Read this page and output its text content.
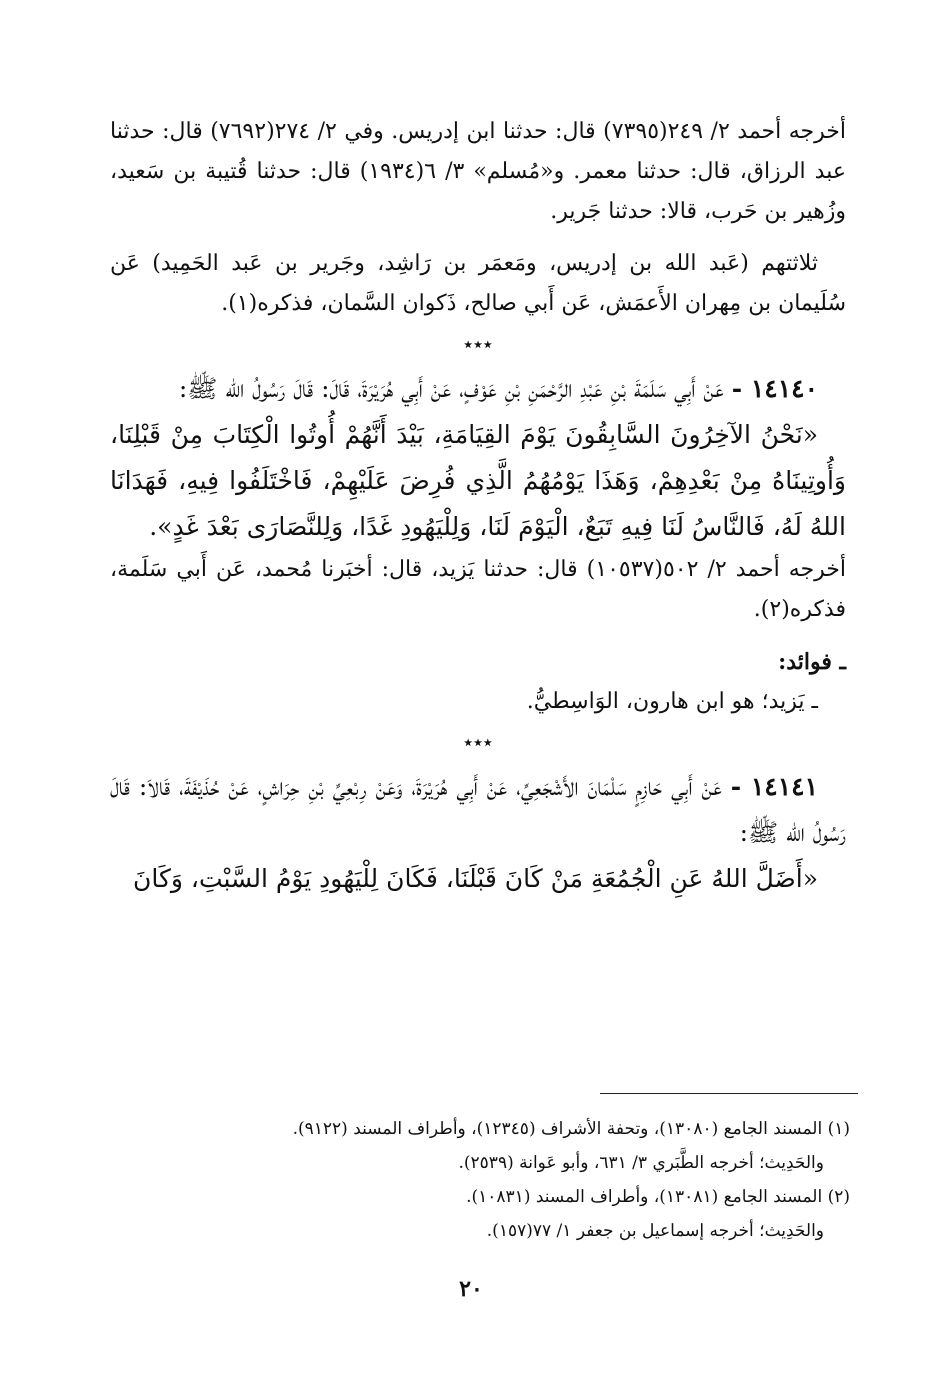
أخرجه أحمد ٢/ ٢٤٩(٧٣٩٥) قال: حدثنا ابن إدريس. وفي ٢/ ٢٧٤(٧٦٩٢) قال: حدثنا عبد الرزاق، قال: حدثنا معمر. و«مُسلم» ٣/ ٦(١٩٣٤) قال: حدثنا قُتيبة بن سَعيد، وزُهير بن حَرب، قالا: حدثنا جَرير.

ثلاثتهم (عَبد الله بن إدريس، ومَعمَر بن رَاشِد، وجَرير بن عَبد الحَمِيد) عَن سُلَيمان بن مِهران الأَعمَش، عَن أَبي صالح، ذَكوان السَّمان، فذكره(١).

٭٭٭

١٤١٤٠ - عَنْ أَبِي سَلَمَةَ بْنِ عَبْدِ الرَّحْمَنِ بْنِ عَوْفٍ، عَنْ أَبِي هُرَيْرَةَ، قَالَ: قَالَ رَسُولُ الله ﷺ:

«نَحْنُ الآخِرُونَ السَّابِقُونَ يَوْمَ القِيَامَةِ، بَيْدَ أَنَّهُمْ أُوتُوا الْكِتَابَ مِنْ قَبْلِنَا، وَأُوتِينَاهُ مِنْ بَعْدِهِمْ، وَهَذَا يَوْمُهُمُ الَّذِي فُرِضَ عَلَيْهِمْ، فَاخْتَلَفُوا فِيهِ، فَهَدَانَا اللهُ لَهُ، فَالنَّاسُ لَنَا فِيهِ تَبَعٌ، الْيَوْمَ لَنَا، وَلِلْيَهُودِ غَدًا، وَلِلنَّصَارَى بَعْدَ غَدٍ».

أخرجه أحمد ٢/ ٥٠٢(١٠٥٣٧) قال: حدثنا يَزيد، قال: أخبَرنا مُحمد، عَن أَبي سَلَمة، فذكره(٢).

ـ فوائد:

ـ يَزيد؛ هو ابن هارون، الوَاسِطيُّ.

٭٭٭

١٤١٤١ - عَنْ أَبِي حَازِمٍ سَلْمَانَ الأَشْجَعِيِّ، عَنْ أَبِي هُرَيْرَةَ، وَعَنْ رِبْعِيِّ بْنِ حِرَاشٍ، عَنْ حُذَيْفَةَ، قَالاَ: قَالَ رَسُولُ الله ﷺ:

«أَضَلَّ اللهُ عَنِ الْجُمُعَةِ مَنْ كَانَ قَبْلَنَا، فَكَانَ لِلْيَهُودِ يَوْمُ السَّبْتِ، وَكَانَ

(١) المسند الجامع (١٣٠٨٠)، وتحفة الأشراف (١٢٣٤٥)، وأطراف المسند (٩١٢٢).

والحَدِيث؛ أخرجه الطَّبَري ٣/ ٦٣١، وأبو عَوانة (٢٥٣٩).

(٢) المسند الجامع (١٣٠٨١)، وأطراف المسند (١٠٨٣١).

والحَدِيث؛ أخرجه إسماعيل بن جعفر ١/ ٧٧(١٥٧).

٢٠
